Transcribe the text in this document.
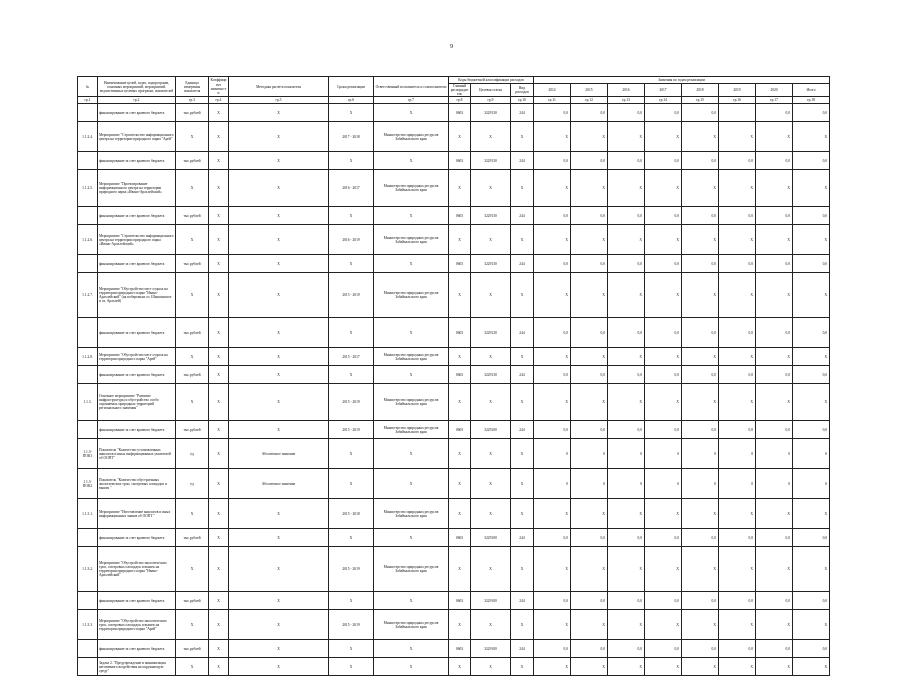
9
№	Наименование целей, задач, подпрограмм, основных мероприятий, мероприятий, ведомственных целевых программ, показателей	Единица измерения показателя	Коэффициент значимости	Методика расчета показателя	Сроки реализации	Ответственный исполнитель и соисполнители	Коды бюджетной классификации расходов			Значения по годам реализации							
							Главный распорядитель	Целевая статья	Вид расходов	2014	2015	2016	2017	2018	2019	2020	Итого
гр.1	гр.2	гр.3	гр.4	гр.5	гр.6	гр.7	гр.8	гр.9	гр.10	гр.11	гр.12	гр.13	гр.14	гр.15	гр.16	гр.17	гр.18
	финансирование за счет краевого бюджета	тыс.рублей	X	X	X	X	0603	3229130	244	0,0	0,0	0,0	0,0	0,0		0,0	0,0
1.1.2.4.	Мероприятие "Строительство информационного центра на территории природного парка "Арей"	X	X	X	2017 - 2018	Министерство природных ресурсов Забайкальского края	X	X	X	X	X	X	X	X	X	X	X
	финансирование за счет краевого бюджета	тыс.рублей	X	X	X	X	0603	3229130	244	0,0	0,0	0,0	0,0	0,0	0,0	0,0	0,0
1.1.2.5.	Мероприятие "Проектирование информационного центра на территории природного парка «Ивано-Арахлейский»	X	X	X	2016 - 2017	Министерство природных ресурсов Забайкальского края	X	X	X	X	X	X	X	X	X	X	X
	финансирование за счет краевого бюджета	тыс.рублей	X	X	X	X	0603	3229130	244	0,0	0,0	0,0	0,0	0,0	0,0	0,0	0,0
1.1.2.6.	Мероприятие "Строительство информационного центра на территории природного парка «Ивано-Арахлейский»	X	X	X	2016 - 2019	Министерство природных ресурсов Забайкальского края	X	X	X	X	X	X	X	X	X	X	X
	финансирование за счет краевого бюджета	тыс.рублей	X	X	X	X	0603	3229130	244	0,0	0,0	0,0	0,0	0,0	0,0	0,0	0,0
1.1.2.7.	Мероприятие "Обустройство мест отдыха на территории природного парка "Ивано-Арахлейский" (на побережьях оз. Шакшинское и оз. Арахлей)	X	X	X	2015 - 2019	Министерство природных ресурсов Забайкальского края	X	X	X	X	X	X	X	X	X	X	X
	финансирование за счет краевого бюджета	тыс.рублей	X	X	X	X	0603	3229130	244	0,0	0,0	0,0	0,0	0,0	0,0	0,0	0,0
1.1.2.8.	Мероприятие "Обустройство мест отдыха на территории природного парка "Арей"	X	X	X	2015 - 2017	Министерство природных ресурсов Забайкальского края	X	X	X	X	X	X	X	X	X	X	X
	финансирование за счет краевого бюджета	тыс.рублей	X	X	X	X	0603	3229130	244	0,0	0,0	0,0	0,0	0,0	0,0	0,0	0,0
1.1.3.	Основное мероприятие "Развитие инфраструктуры и обустройство особо охраняемых природных территорий регионального значения"	X	X	X	2015 - 2019	Министерство природных ресурсов Забайкальского края	X	X	X	X	X	X	X	X	X	X	X
	финансирование за счет краевого бюджета	тыс.рублей	X	X	2015 - 2019	Министерство природных ресурсов Забайкальского края	0603	3229100	244	0,0	0,0	0,0	0,0	0,0	0,0	0,0	0,0
1.1.3-ПОК1	Показатель "Количество установленных аншлагов и иных информационных указателей об ООПТ"	ед	X	Абсолютное значение	X	X	X	X	X	0	0	0	0	0	0	0	0
1.1.3-ПОК2	Показатель "Количество обустроенных экологических троп, смотровых площадок и вышек "	ед	X	Абсолютное значение	X	X	X	X	X	0	0	0	0	0	0	0	0
1.1.3.1.	Мероприятие "Изготовление аншлагов и иных информационных знаков об ООПТ "	X	X	X	2015 - 2018	Министерство природных ресурсов Забайкальского края	X	X	X	X	X	X	X	X	X	X	X
	финансирование за счет краевого бюджета	тыс.рублей	X	X	X	X	0603	3229100	244	0,0	0,0	0,0	0,0	0,0	0,0	0,0	0,0
1.1.3.2.	Мероприятие "Обустройство экологических троп, смотровых площадок и вышек на территории природного парка "Ивано-Арахлейский"	X	X	X	2015 - 2019	Министерство природных ресурсов Забайкальского края	X	X	X	X	X	X	X	X	X	X	X
	финансирование за счет краевого бюджета	тыс.рублей	X	X	X	X	0603	3229100	244	0,0	0,0	0,0	0,0	0,0	0,0	0,0	0,0
1.1.3.3.	Мероприятие "Обустройство экологических троп, смотровых площадок и вышек на территории природного парка "Арей"	X	X	X	2015 - 2019	Министерство природных ресурсов Забайкальского края	X	X	X	X	X	X	X	X	X	X	X
	финансирование за счет краевого бюджета	тыс.рублей	X	X	X	X	0603	3229100	244	0,0	0,0	0,0	0,0	0,0	0,0	0,0	0,0
	Задача 2. "Предупреждение и минимизация негативного воздействия на окружающую среду"	X	X	X	X	X	X	X	X	X	X	X	X	X	X	X	X
